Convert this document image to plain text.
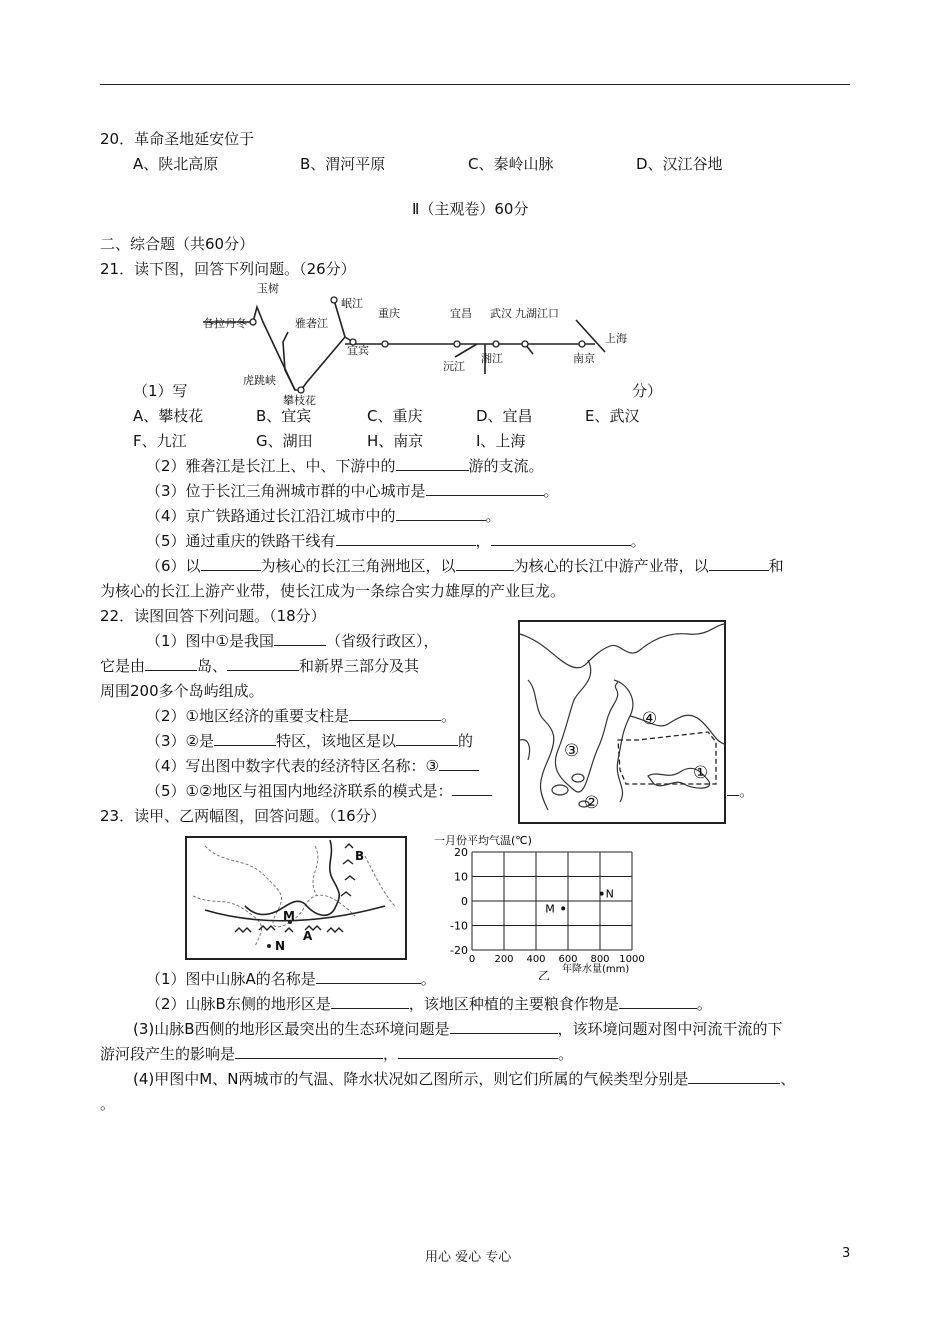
20．革命圣地延安位于
A、陕北高原	B、渭河平原	C、秦岭山脉	D、汉江谷地
Ⅱ（主观卷）60分
二、综合题（共60分）
21．读下图，回答下列问题。（26分）
玉树
各拉丹冬	雅砻江
岷江
重庆
宜宾
宜昌 武汉 九湖江口
南京
上海
沅江
湘江
虎跳峡
攀枝花
（1）写	分）
A、攀枝花	B、宜宾	C、重庆	D、宜昌	E、武汉
F、九江	G、湖田	H、南京	I、上海
（2）雅砻江是长江上、中、下游中的	游的支流。
（3）位于长江三角洲城市群的中心城市是	。
（4）京广铁路通过长江沿江城市中的	。
（5）通过重庆的铁路干线有	，	。
（6）以	为核心的长江三角洲地区，以	为核心的长江中游产业带，以	和
为核心的长江上游产业带，使长江成为一条综合实力雄厚的产业巨龙。
22．读图回答下列问题。（18分）
（1）图中①是我国	（省级行政区），
它是由	岛、	和新界三部分及其
周围200多个岛屿组成。
（2）①地区经济的重要支柱是	。
（3）②是	特区，该地区是以	的
（4）写出图中数字代表的经济特区名称：③
（5）①②地区与祖国内地经济联系的模式是：	。
①
②
③
④
23．读甲、乙两幅图，回答问题。（16分）
B
M
A
N
一月份平均气温(℃)
20
10
0
-10
-20
0 200 400 600 800 1000
M
N
年降水量(mm)
乙
（1）图中山脉A的名称是	。
（2）山脉B东侧的地形区是	，该地区种植的主要粮食作物是	。
(3)山脉B西侧的地形区最突出的生态环境问题是	，该环境问题对图中河流干流的下
游河段产生的影响是	，	。
(4)甲图中M、N两城市的气温、降水状况如乙图所示，则它们所属的气候类型分别是	、
。
用心 爱心 专心	3
